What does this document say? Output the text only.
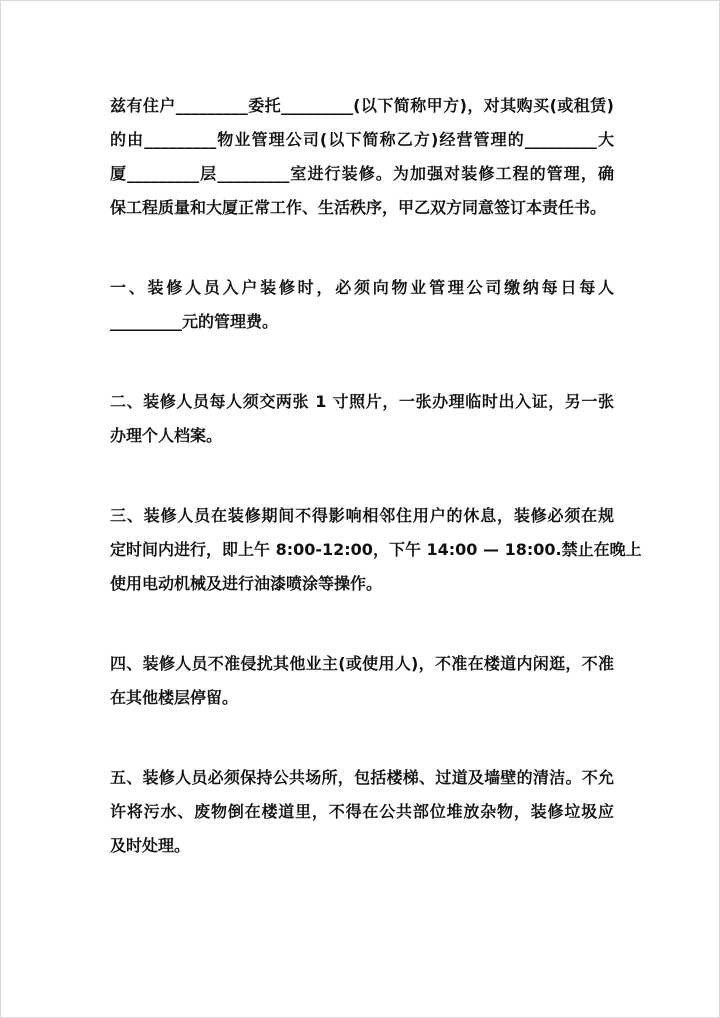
兹有住户_________委托_________(以下简称甲方)，对其购买(或租赁)
的由_________物业管理公司(以下简称乙方)经营管理的_________大
厦_________层_________室进行装修。为加强对装修工程的管理，确
保工程质量和大厦正常工作、生活秩序，甲乙双方同意签订本责任书。
一、装修人员入户装修时，必须向物业管理公司缴纳每日每人
_________元的管理费。
二、装修人员每人须交两张 1 寸照片，一张办理临时出入证，另一张
办理个人档案。
三、装修人员在装修期间不得影响相邻住用户的休息，装修必须在规
定时间内进行，即上午 8:00-12:00，下午 14:00 — 18:00.禁止在晚上
使用电动机械及进行油漆喷涂等操作。
四、装修人员不准侵扰其他业主(或使用人)，不准在楼道内闲逛，不准
在其他楼层停留。
五、装修人员必须保持公共场所，包括楼梯、过道及墙壁的清洁。不允
许将污水、废物倒在楼道里，不得在公共部位堆放杂物，装修垃圾应
及时处理。
